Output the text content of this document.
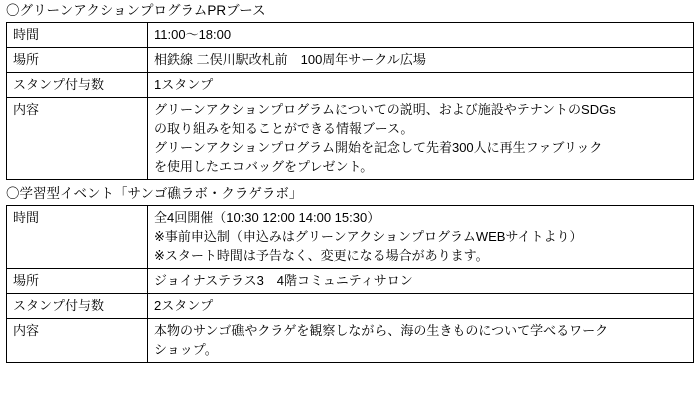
〇グリーンアクションプログラムPRブース
時間	11:00～18:00

場所	相鉄線 二俣川駅改札前　100周年サークル広場

スタンプ付与数	1スタンプ

内容	グリーンアクションプログラムについての説明、および施設やテナントのSDGs
の取り組みを知ることができる情報ブース。
グリーンアクションプログラム開始を記念して先着300人に再生ファブリック
を使用したエコバッグをプレゼント。
〇学習型イベント「サンゴ礁ラボ・クラゲラボ」
時間	全4回開催（10:30 12:00 14:00 15:30）
※事前申込制（申込みはグリーンアクションプログラムWEBサイトより）
※スタート時間は予告なく、変更になる場合があります。

場所	ジョイナステラス3　4階コミュニティサロン

スタンプ付与数	2スタンプ

内容	本物のサンゴ礁やクラゲを観察しながら、海の生きものについて学べるワーク
ショップ。
